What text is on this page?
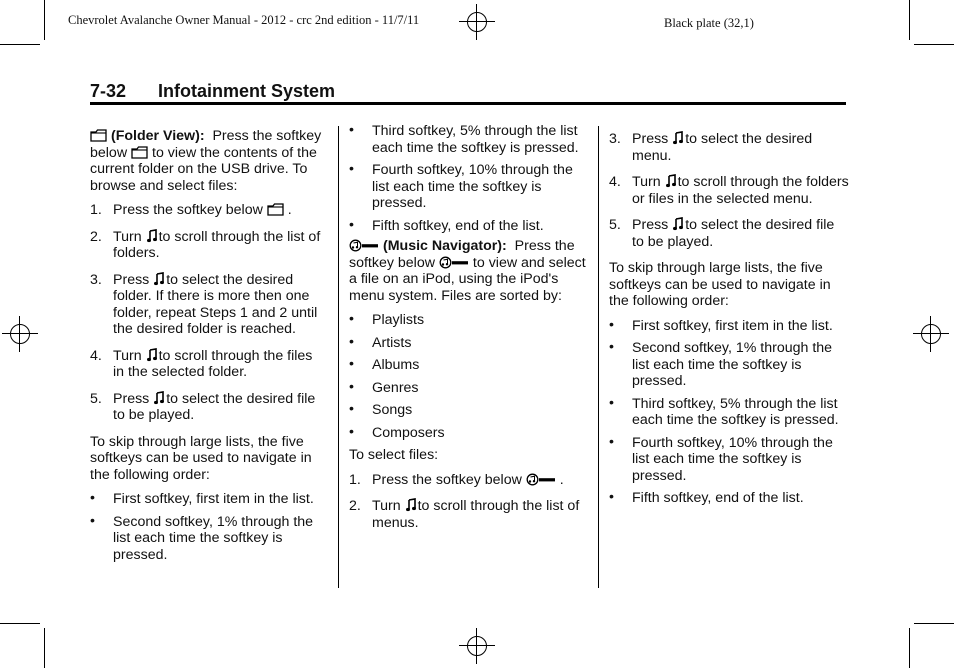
Chevrolet Avalanche Owner Manual - 2012 - crc 2nd edition - 11/7/11	Black plate (32,1)
7-32 Infotainment System

(Folder View): Press the softkey below to view the contents of the current folder on the USB drive. To browse and select files:

1. Press the softkey below .
2. Turn to scroll through the list of folders.
3. Press to select the desired folder. If there is more then one folder, repeat Steps 1 and 2 until the desired folder is reached.
4. Turn to scroll through the files in the selected folder.
5. Press to select the desired file to be played.

To skip through large lists, the five softkeys can be used to navigate in the following order:

• First softkey, first item in the list.
• Second softkey, 1% through the list each time the softkey is pressed.
• Third softkey, 5% through the list each time the softkey is pressed.
• Fourth softkey, 10% through the list each time the softkey is pressed.
• Fifth softkey, end of the list.

(Music Navigator): Press the softkey below	to view and select a file on an iPod, using the iPod's menu system. Files are sorted by:

• Playlists
• Artists
• Albums
• Genres
• Songs
• Composers

To select files:

1. Press the softkey below	.
2. Turn to scroll through the list of menus.
3. Press to select the desired menu.
4. Turn to scroll through the folders or files in the selected menu.
5. Press to select the desired file to be played.

To skip through large lists, the five softkeys can be used to navigate in the following order:

• First softkey, first item in the list.
• Second softkey, 1% through the list each time the softkey is pressed.
• Third softkey, 5% through the list each time the softkey is pressed.
• Fourth softkey, 10% through the list each time the softkey is pressed.
• Fifth softkey, end of the list.
